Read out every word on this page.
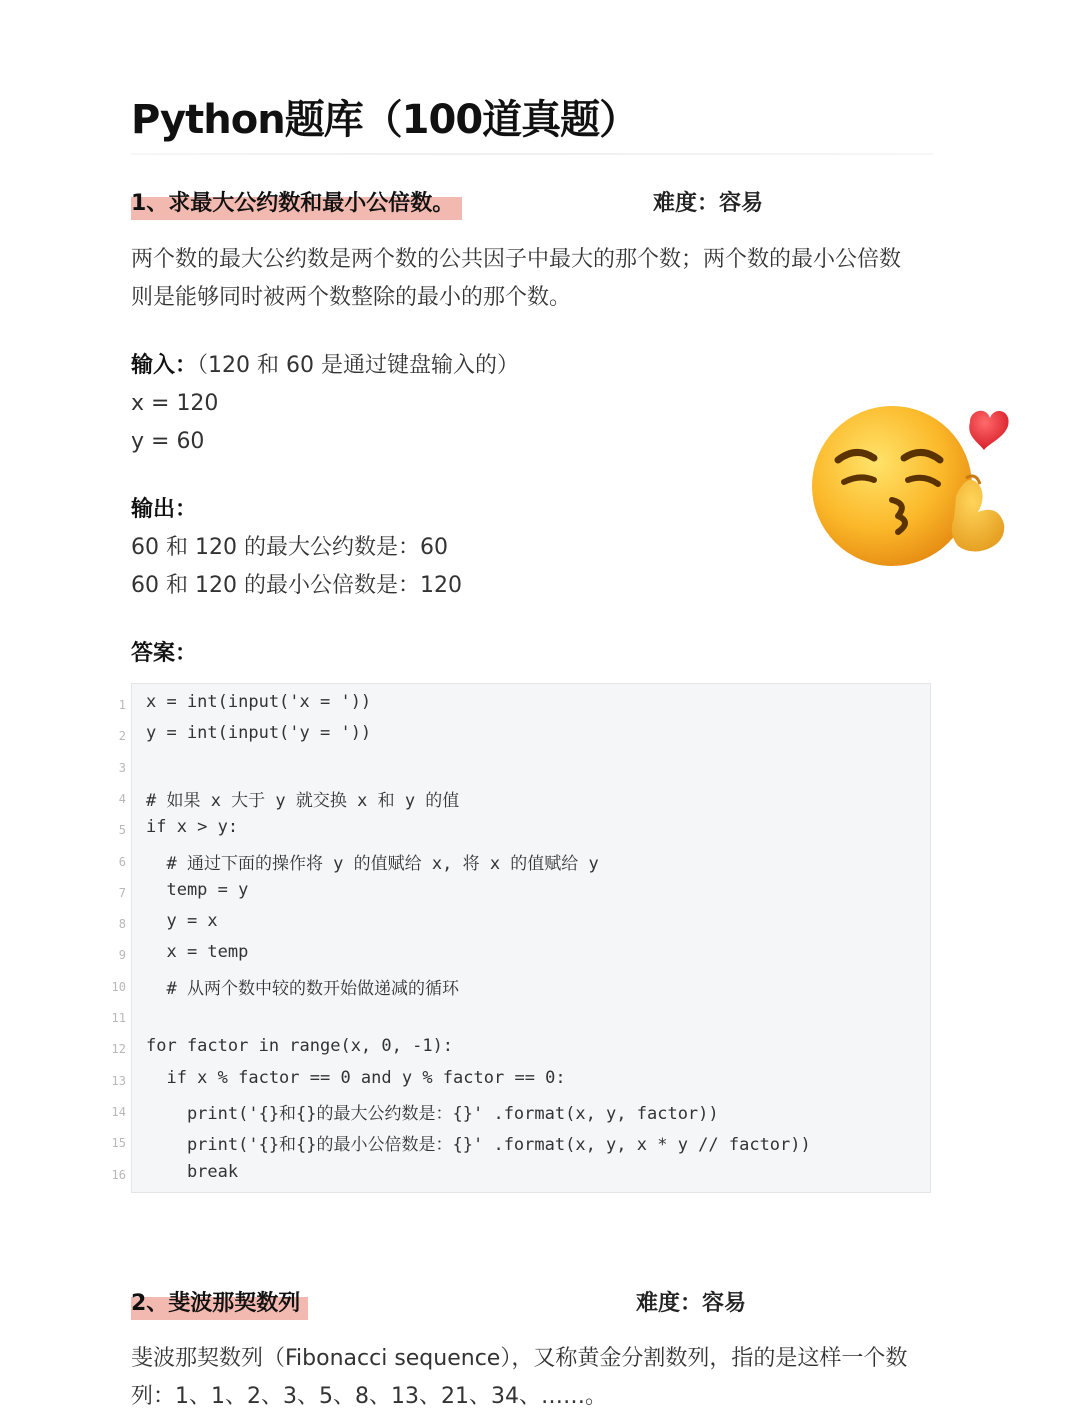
Python题库（100道真题）
1、求最大公约数和最小公倍数。	难度：容易
两个数的最大公约数是两个数的公共因子中最大的那个数；两个数的最小公倍数
则是能够同时被两个数整除的最小的那个数。
输入：（120 和 60 是通过键盘输入的）
x = 120
y = 60
输出：
60 和 120 的最大公约数是：60
60 和 120 的最小公倍数是：120
答案：
1 x = int(input('x = '))
2 y = int(input('y = '))
3
4 # 如果 x 大于 y 就交换 x 和 y 的值
5 if x > y:
6 # 通过下面的操作将 y 的值赋给 x, 将 x 的值赋给 y
7 temp = y
8 y = x
9 x = temp
10 # 从两个数中较的数开始做递减的循环
11
12 for factor in range(x, 0, -1):
13 if x % factor == 0 and y % factor == 0:
14 print('{}和{}的最大公约数是：{}' .format(x, y, factor))
15 print('{}和{}的最小公倍数是：{}' .format(x, y, x * y // factor))
16 break
2、斐波那契数列	难度：容易
斐波那契数列（Fibonacci sequence），又称黄金分割数列，指的是这样一个数
列：1、1、2、3、5、8、13、21、34、……。
